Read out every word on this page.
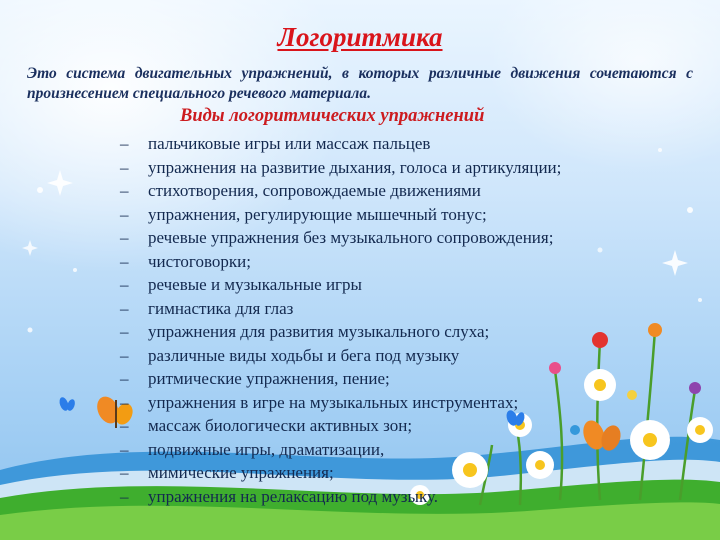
Логоритмика
Это система двигательных упражнений, в которых различные движения сочетаются с произнесением специального речевого материала.
Виды логоритмических упражнений
– пальчиковые игры или массаж пальцев
– упражнения на развитие дыхания, голоса и артикуляции;
– стихотворения, сопровождаемые движениями
– упражнения, регулирующие мышечный тонус;
– речевые упражнения без музыкального сопровождения;
– чистоговорки;
– речевые и музыкальные игры
– гимнастика для глаз
– упражнения для развития музыкального слуха;
– различные виды ходьбы и бега под музыку
– ритмические упражнения, пение;
– упражнения в игре на музыкальных инструментах;
– массаж биологически активных зон;
– подвижные игры, драматизации,
– мимические упражнения;
– упражнения на релаксацию под музыку.
